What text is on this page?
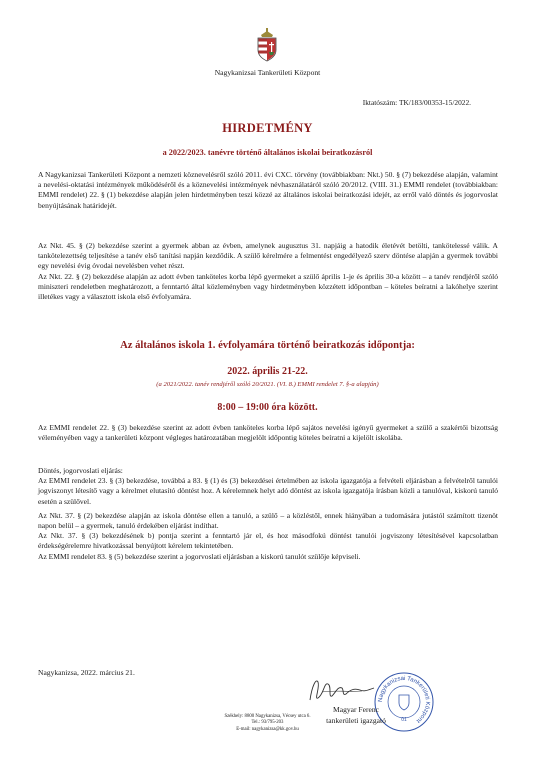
Nagykanizsai Tankerületi Központ
Iktatószám: TK/183/00353-15/2022.
HIRDETMÉNY
a 2022/2023. tanévre történő általános iskolai beiratkozásról

A Nagykanizsai Tankerületi Központ a nemzeti köznevelésről szóló 2011. évi CXC. törvény (továbbiakban: Nkt.) 50. § (7) bekezdése alapján, valamint a nevelési-oktatási intézmények működéséről és a köznevelési intézmények névhasználatáról szóló 20/2012. (VIII. 31.) EMMI rendelet (továbbiakban: EMMI rendelet) 22. § (1) bekezdése alapján jelen hirdetményben teszi közzé az általános iskolai beiratkozási idejét, az erről való döntés és jogorvoslat benyújtásának határidejét.

Az Nkt. 45. § (2) bekezdése szerint a gyermek abban az évben, amelynek augusztus 31. napjáig a hatodik életévét betölti, tankötelessé válik. A tankötelezettség teljesítése a tanév első tanítási napján kezdődik. A szülő kérelmére a felmentést engedélyező szerv döntése alapján a gyermek további egy nevelési évig óvodai nevelésben vehet részt.

Az Nkt. 22. § (2) bekezdése alapján az adott évben tanköteles korba lépő gyermeket a szülő április 1-je és április 30-a között – a tanév rendjéről szóló miniszteri rendeletben meghatározott, a fenntartó által közleményben vagy hirdetményben közzétett időpontban – köteles beíratni a lakóhelye szerint illetékes vagy a választott iskola első évfolyamára.

Az általános iskola 1. évfolyamára történő beiratkozás időpontja:
2022. április 21-22.
(a 2021/2022. tanév rendjéről szóló 20/2021. (VI. 8.) EMMI rendelet 7. §-a alapján)
8:00 – 19:00 óra között.

Az EMMI rendelet 22. § (3) bekezdése szerint az adott évben tanköteles korba lépő sajátos nevelési igényű gyermeket a szülő a szakértői bizottság véleményében vagy a tankerületi központ végleges határozatában megjelölt időpontig köteles beíratni a kijelölt iskolába.

Döntés, jogorvoslati eljárás:

Az EMMI rendelet 23. § (3) bekezdése, továbbá a 83. § (1) és (3) bekezdései értelmében az iskola igazgatója a felvételi eljárásban a felvételről tanulói jogviszonyt létesítő vagy a kérelmet elutasító döntést hoz. A kérelemnek helyt adó döntést az iskola igazgatója írásban közli a tanulóval, kiskorú tanuló esetén a szülővel.

Az Nkt. 37. § (2) bekezdése alapján az iskola döntése ellen a tanuló, a szülő – a közléstől, ennek hiányában a tudomására jutástól számított tizenöt napon belül – a gyermek, tanuló érdekében eljárást indíthat.

Az Nkt. 37. § (3) bekezdésének b) pontja szerint a fenntartó jár el, és hoz másodfokú döntést tanulói jogviszony létesítésével kapcsolatban érdekségérelemre hivatkozással benyújtott kérelem tekintetében.

Az EMMI rendelet 83. § (5) bekezdése szerint a jogorvoslati eljárásban a kiskorú tanulót szülője képviseli.

Nagykanizsa, 2022. március 21.
Nagykanizsai Tankerületi Központ
01
Magyar Ferenc
tankerületi igazgató
Székhely: 8800 Nagykanizsa, Vécsey utca 6.
Tel.: 93/795-203
E-mail: nagykanizsa@kk.gov.hu
